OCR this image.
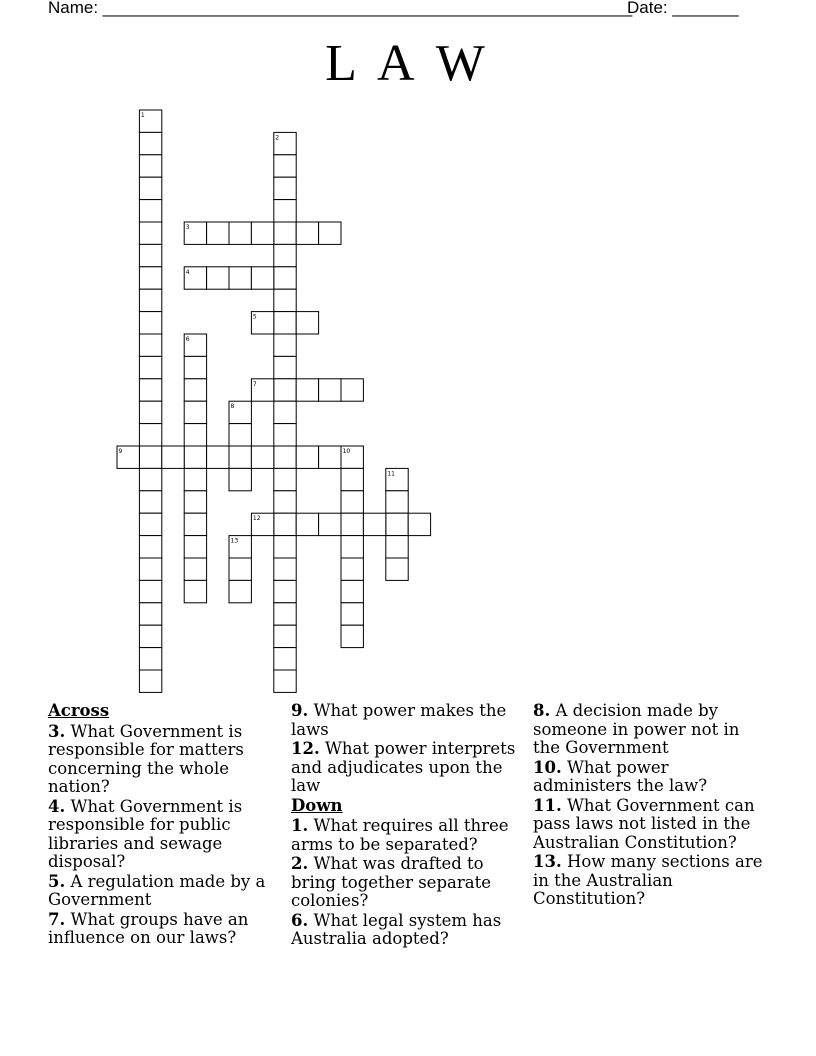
Name: ________________________________________________________
Date: _______
L A W
1
2
3
4
5
6
7
8
9	10
11
12
13
Across
3. What Government is responsible for matters concerning the whole nation?
4. What Government is responsible for public libraries and sewage disposal?
5. A regulation made by a Government
7. What groups have an influence on our laws?
9. What power makes the laws
12. What power interprets and adjudicates upon the law
Down
1. What requires all three arms to be separated?
2. What was drafted to bring together separate colonies?
6. What legal system has Australia adopted?
8. A decision made by someone in power not in the Government
10. What power administers the law?
11. What Government can pass laws not listed in the Australian Constitution?
13. How many sections are in the Australian Constitution?
